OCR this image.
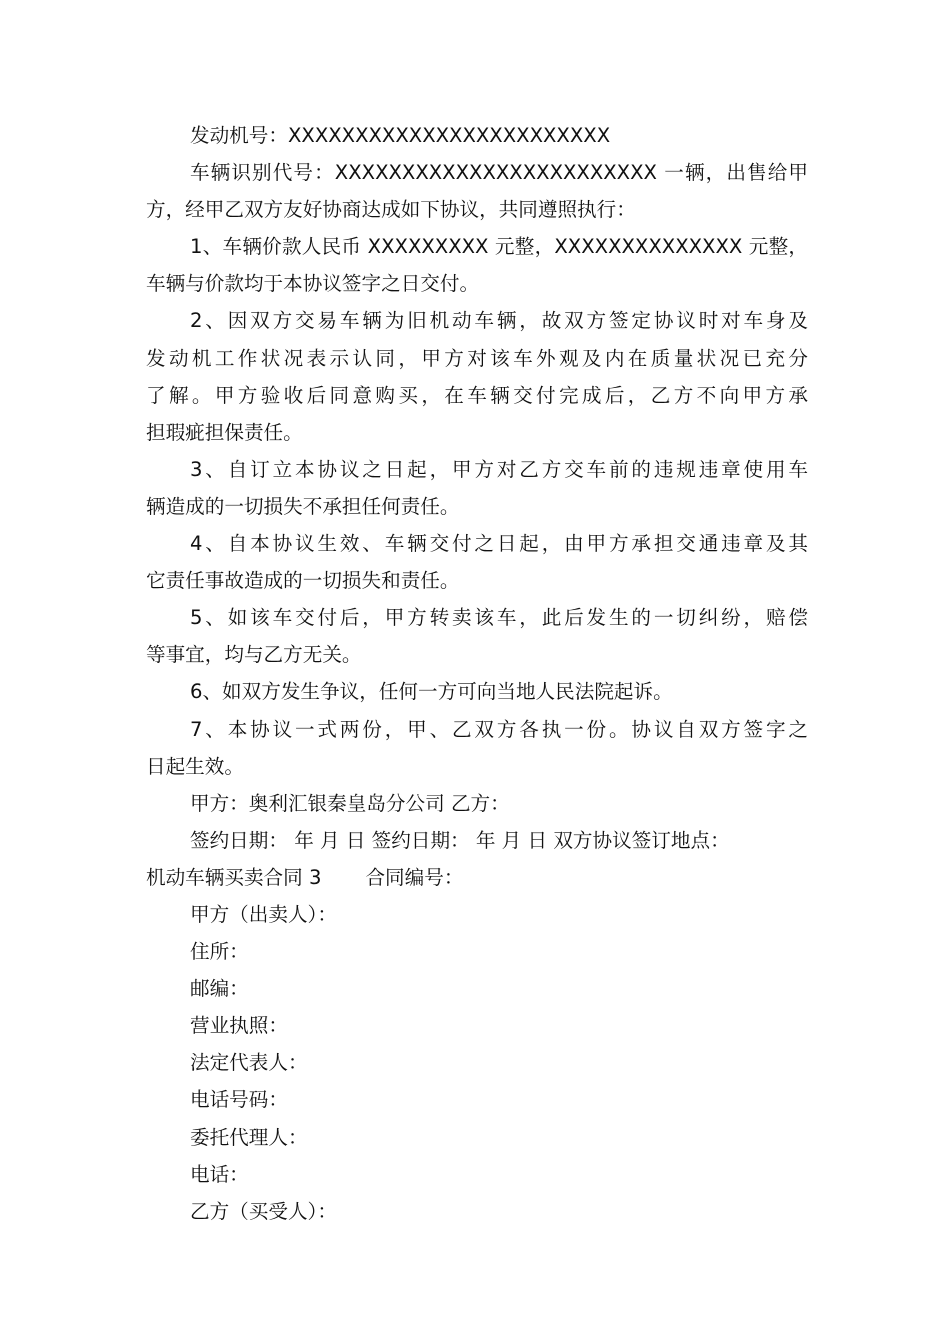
发动机号：XXXXXXXXXXXXXXXXXXXXXXXX
车辆识别代号：XXXXXXXXXXXXXXXXXXXXXXXX 一辆，出售给甲
方，经甲乙双方友好协商达成如下协议，共同遵照执行：
1、车辆价款人民币 XXXXXXXXX 元整，XXXXXXXXXXXXXX 元整，
车辆与价款均于本协议签字之日交付。
2、因双方交易车辆为旧机动车辆，故双方签定协议时对车身及
发动机工作状况表示认同，甲方对该车外观及内在质量状况已充分
了解。甲方验收后同意购买，在车辆交付完成后，乙方不向甲方承
担瑕疵担保责任。
3、自订立本协议之日起，甲方对乙方交车前的违规违章使用车
辆造成的一切损失不承担任何责任。
4、自本协议生效、车辆交付之日起，由甲方承担交通违章及其
它责任事故造成的一切损失和责任。
5、如该车交付后，甲方转卖该车，此后发生的一切纠纷，赔偿
等事宜，均与乙方无关。
6、如双方发生争议，任何一方可向当地人民法院起诉。
7、本协议一式两份，甲、乙双方各执一份。协议自双方签字之
日起生效。
甲方：奥利汇银秦皇岛分公司 乙方：
签约日期： 年 月 日 签约日期： 年 月 日 双方协议签订地点：
机动车辆买卖合同 3 合同编号：
甲方（出卖人）：
住所：
邮编：
营业执照：
法定代表人：
电话号码：
委托代理人：
电话：
乙方（买受人）：
